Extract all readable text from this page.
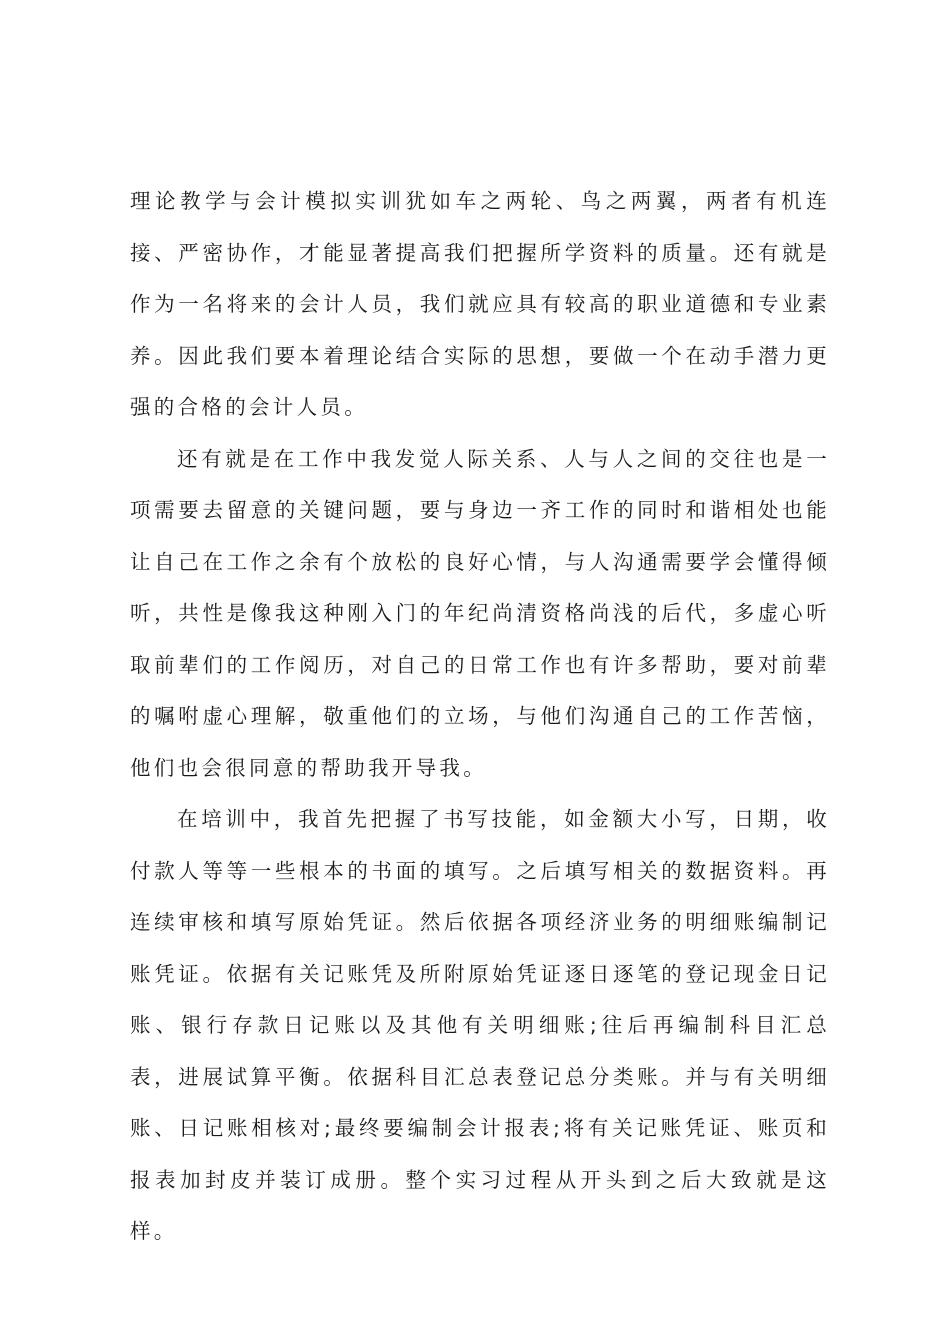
理论教学与会计模拟实训犹如车之两轮、鸟之两翼，两者有机连接、严密协作，才能显著提高我们把握所学资料的质量。还有就是作为一名将来的会计人员，我们就应具有较高的职业道德和专业素养。因此我们要本着理论结合实际的思想，要做一个在动手潜力更强的合格的会计人员。

还有就是在工作中我发觉人际关系、人与人之间的交往也是一项需要去留意的关键问题，要与身边一齐工作的同时和谐相处也能让自己在工作之余有个放松的良好心情，与人沟通需要学会懂得倾听，共性是像我这种刚入门的年纪尚清资格尚浅的后代，多虚心听取前辈们的工作阅历，对自己的日常工作也有许多帮助，要对前辈的嘱咐虚心理解，敬重他们的立场，与他们沟通自己的工作苦恼，他们也会很同意的帮助我开导我。

在培训中，我首先把握了书写技能，如金额大小写，日期，收付款人等等一些根本的书面的填写。之后填写相关的数据资料。再连续审核和填写原始凭证。然后依据各项经济业务的明细账编制记账凭证。依据有关记账凭及所附原始凭证逐日逐笔的登记现金日记账、银行存款日记账以及其他有关明细账;往后再编制科目汇总表，进展试算平衡。依据科目汇总表登记总分类账。并与有关明细账、日记账相核对;最终要编制会计报表;将有关记账凭证、账页和报表加封皮并装订成册。整个实习过程从开头到之后大致就是这样。
